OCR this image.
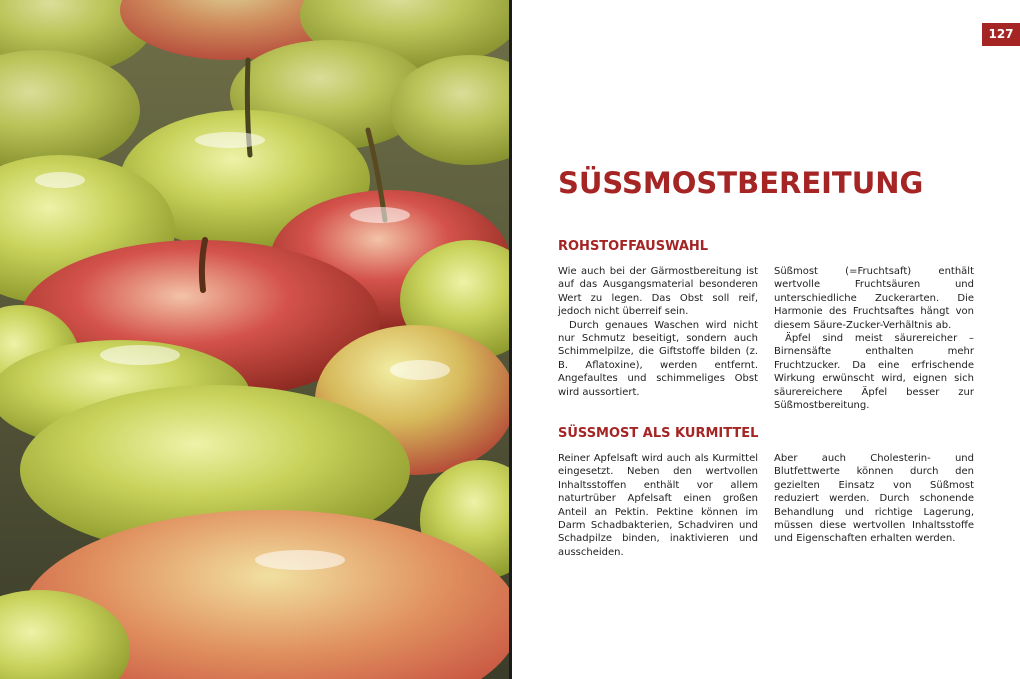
127
SÜSSMOSTBEREITUNG
ROHSTOFFAUSWAHL

Wie auch bei der Gärmostbereitung ist auf das Ausgangsmaterial besonderen Wert zu legen. Das Obst soll reif, jedoch nicht überreif sein.

Durch genaues Waschen wird nicht nur Schmutz beseitigt, sondern auch Schimmelpilze, die Giftstoffe bilden (z. B. Aflatoxine), werden entfernt. Angefaultes und schimmeliges Obst wird aussortiert.

Süßmost (=Fruchtsaft) enthält wertvolle Fruchtsäuren und unterschiedliche Zuckerarten. Die Harmonie des Fruchtsaftes hängt von diesem Säure-Zucker-Verhältnis ab.

Äpfel sind meist säurereicher – Birnensäfte enthalten mehr Fruchtzucker. Da eine erfrischende Wirkung erwünscht wird, eignen sich säurereichere Äpfel besser zur Süßmostbereitung.

SÜSSMOST ALS KURMITTEL

Reiner Apfelsaft wird auch als Kurmittel eingesetzt. Neben den wertvollen Inhaltsstoffen enthält vor allem naturtrüber Apfelsaft einen großen Anteil an Pektin. Pektine können im Darm Schadbakterien, Schadviren und Schadpilze binden, inaktivieren und ausscheiden.

Aber auch Cholesterin- und Blutfettwerte können durch den gezielten Einsatz von Süßmost reduziert werden. Durch schonende Behandlung und richtige Lagerung, müssen diese wertvollen Inhaltsstoffe und Eigenschaften erhalten werden.
